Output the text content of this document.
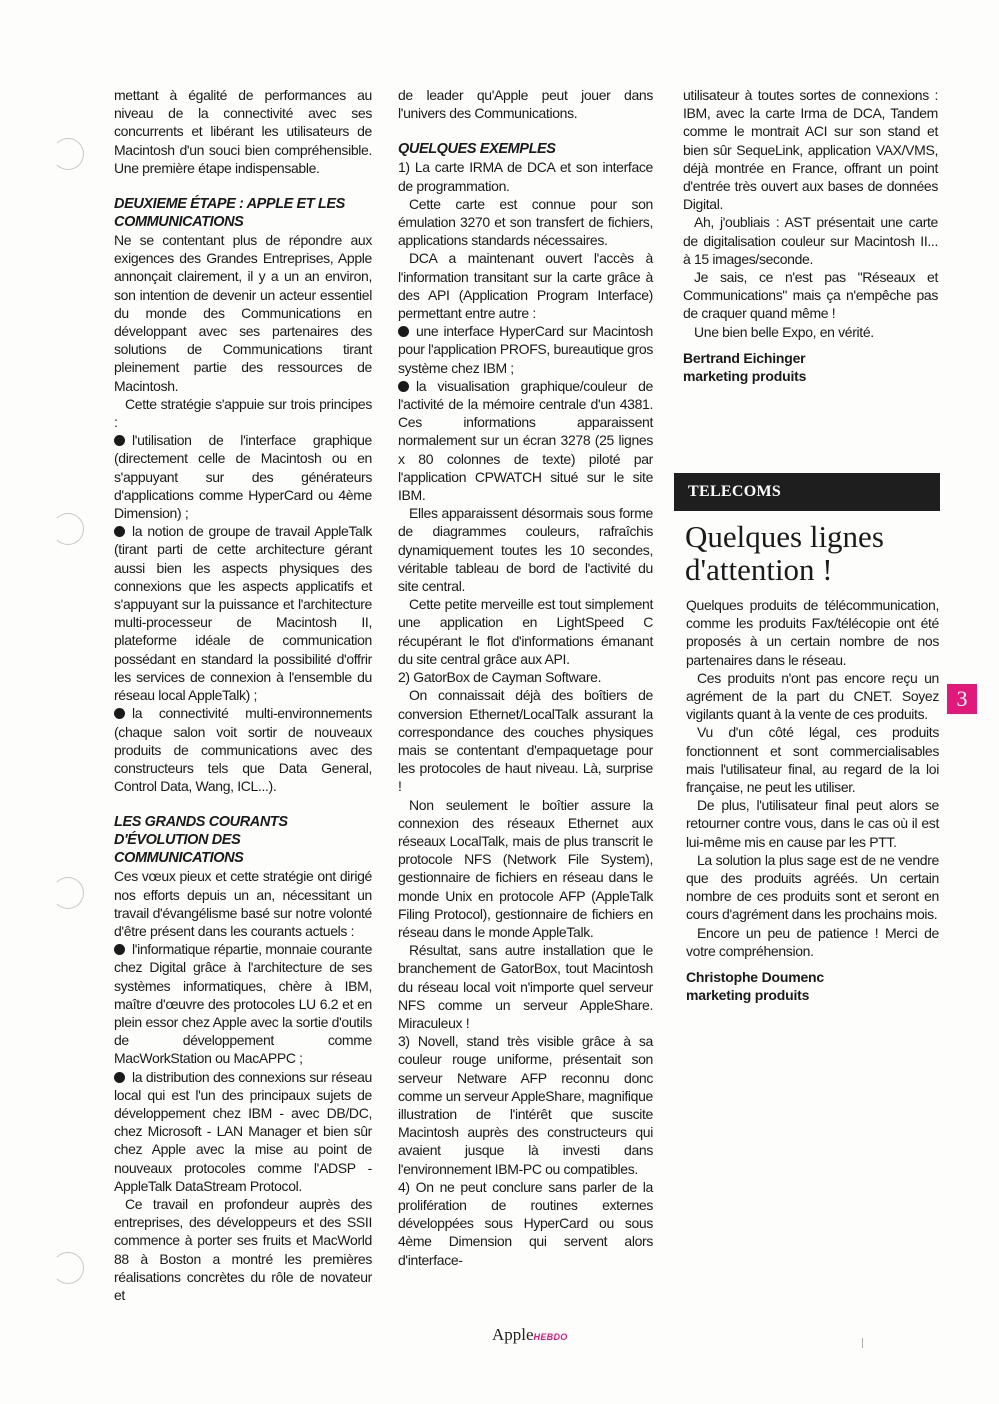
mettant à égalité de performances au niveau de la connectivité avec ses concurrents et libérant les utilisateurs de Macintosh d'un souci bien compréhensible. Une première étape indispensable.

DEUXIEME ÉTAPE : APPLE ET LES COMMUNICATIONS

Ne se contentant plus de répondre aux exigences des Grandes Entreprises, Apple annonçait clairement, il y a un an environ, son intention de devenir un acteur essentiel du monde des Communications en développant avec ses partenaires des solutions de Communications tirant pleinement partie des ressources de Macintosh.

Cette stratégie s'appuie sur trois principes :

l'utilisation de l'interface graphique (directement celle de Macintosh ou en s'appuyant sur des générateurs d'applications comme HyperCard ou 4ème Dimension) ;

la notion de groupe de travail AppleTalk (tirant parti de cette architecture gérant aussi bien les aspects physiques des connexions que les aspects applicatifs et s'appuyant sur la puissance et l'architecture multi-processeur de Macintosh II, plateforme idéale de communication possédant en standard la possibilité d'offrir les services de connexion à l'ensemble du réseau local AppleTalk) ;

la connectivité multi-environnements (chaque salon voit sortir de nouveaux produits de communications avec des constructeurs tels que Data General, Control Data, Wang, ICL...).

LES GRANDS COURANTS D'ÉVOLUTION DES COMMUNICATIONS

Ces vœux pieux et cette stratégie ont dirigé nos efforts depuis un an, nécessitant un travail d'évangélisme basé sur notre volonté d'être présent dans les courants actuels :

l'informatique répartie, monnaie courante chez Digital grâce à l'architecture de ses systèmes informatiques, chère à IBM, maître d'œuvre des protocoles LU 6.2 et en plein essor chez Apple avec la sortie d'outils de développement comme MacWorkStation ou MacAPPC ;

la distribution des connexions sur réseau local qui est l'un des principaux sujets de développement chez IBM - avec DB/DC, chez Microsoft - LAN Manager et bien sûr chez Apple avec la mise au point de nouveaux protocoles comme l'ADSP - AppleTalk DataStream Protocol.

Ce travail en profondeur auprès des entreprises, des développeurs et des SSII commence à porter ses fruits et MacWorld 88 à Boston a montré les premières réalisations concrètes du rôle de novateur et

de leader qu'Apple peut jouer dans l'univers des Communications.

QUELQUES EXEMPLES

1) La carte IRMA de DCA et son interface de programmation.

Cette carte est connue pour son émulation 3270 et son transfert de fichiers, applications standards nécessaires.

DCA a maintenant ouvert l'accès à l'information transitant sur la carte grâce à des API (Application Program Interface) permettant entre autre :

une interface HyperCard sur Macintosh pour l'application PROFS, bureautique gros système chez IBM ;

la visualisation graphique/couleur de l'activité de la mémoire centrale d'un 4381. Ces informations apparaissent normalement sur un écran 3278 (25 lignes x 80 colonnes de texte) piloté par l'application CPWATCH situé sur le site IBM.

Elles apparaissent désormais sous forme de diagrammes couleurs, rafraîchis dynamiquement toutes les 10 secondes, véritable tableau de bord de l'activité du site central.

Cette petite merveille est tout simplement une application en LightSpeed C récupérant le flot d'informations émanant du site central grâce aux API.

2) GatorBox de Cayman Software.

On connaissait déjà des boîtiers de conversion Ethernet/LocalTalk assurant la correspondance des couches physiques mais se contentant d'empaquetage pour les protocoles de haut niveau. Là, surprise !

Non seulement le boîtier assure la connexion des réseaux Ethernet aux réseaux LocalTalk, mais de plus transcrit le protocole NFS (Network File System), gestionnaire de fichiers en réseau dans le monde Unix en protocole AFP (AppleTalk Filing Protocol), gestionnaire de fichiers en réseau dans le monde AppleTalk.

Résultat, sans autre installation que le branchement de GatorBox, tout Macintosh du réseau local voit n'importe quel serveur NFS comme un serveur AppleShare. Miraculeux !

3) Novell, stand très visible grâce à sa couleur rouge uniforme, présentait son serveur Netware AFP reconnu donc comme un serveur AppleShare, magnifique illustration de l'intérêt que suscite Macintosh auprès des constructeurs qui avaient jusque là investi dans l'environnement IBM-PC ou compatibles.

4) On ne peut conclure sans parler de la prolifération de routines externes développées sous HyperCard ou sous 4ème Dimension qui servent alors d'interface-

utilisateur à toutes sortes de connexions : IBM, avec la carte Irma de DCA, Tandem comme le montrait ACI sur son stand et bien sûr SequeLink, application VAX/VMS, déjà montrée en France, offrant un point d'entrée très ouvert aux bases de données Digital.

Ah, j'oubliais : AST présentait une carte de digitalisation couleur sur Macintosh II... à 15 images/seconde.

Je sais, ce n'est pas "Réseaux et Communications" mais ça n'empêche pas de craquer quand même !

Une bien belle Expo, en vérité.

Bertrand Eichinger

marketing produits

TELECOMS
Quelques lignes d'attention !

Quelques produits de télécommunication, comme les produits Fax/télécopie ont été proposés à un certain nombre de nos partenaires dans le réseau.

Ces produits n'ont pas encore reçu un agrément de la part du CNET. Soyez vigilants quant à la vente de ces produits.

Vu d'un côté légal, ces produits fonctionnent et sont commercialisables mais l'utilisateur final, au regard de la loi française, ne peut les utiliser.

De plus, l'utilisateur final peut alors se retourner contre vous, dans le cas où il est lui-même mis en cause par les PTT.

La solution la plus sage est de ne vendre que des produits agréés. Un certain nombre de ces produits sont et seront en cours d'agrément dans les prochains mois.

Encore un peu de patience ! Merci de votre compréhension.

Christophe Doumenc

marketing produits

3
AppleHEBDO
